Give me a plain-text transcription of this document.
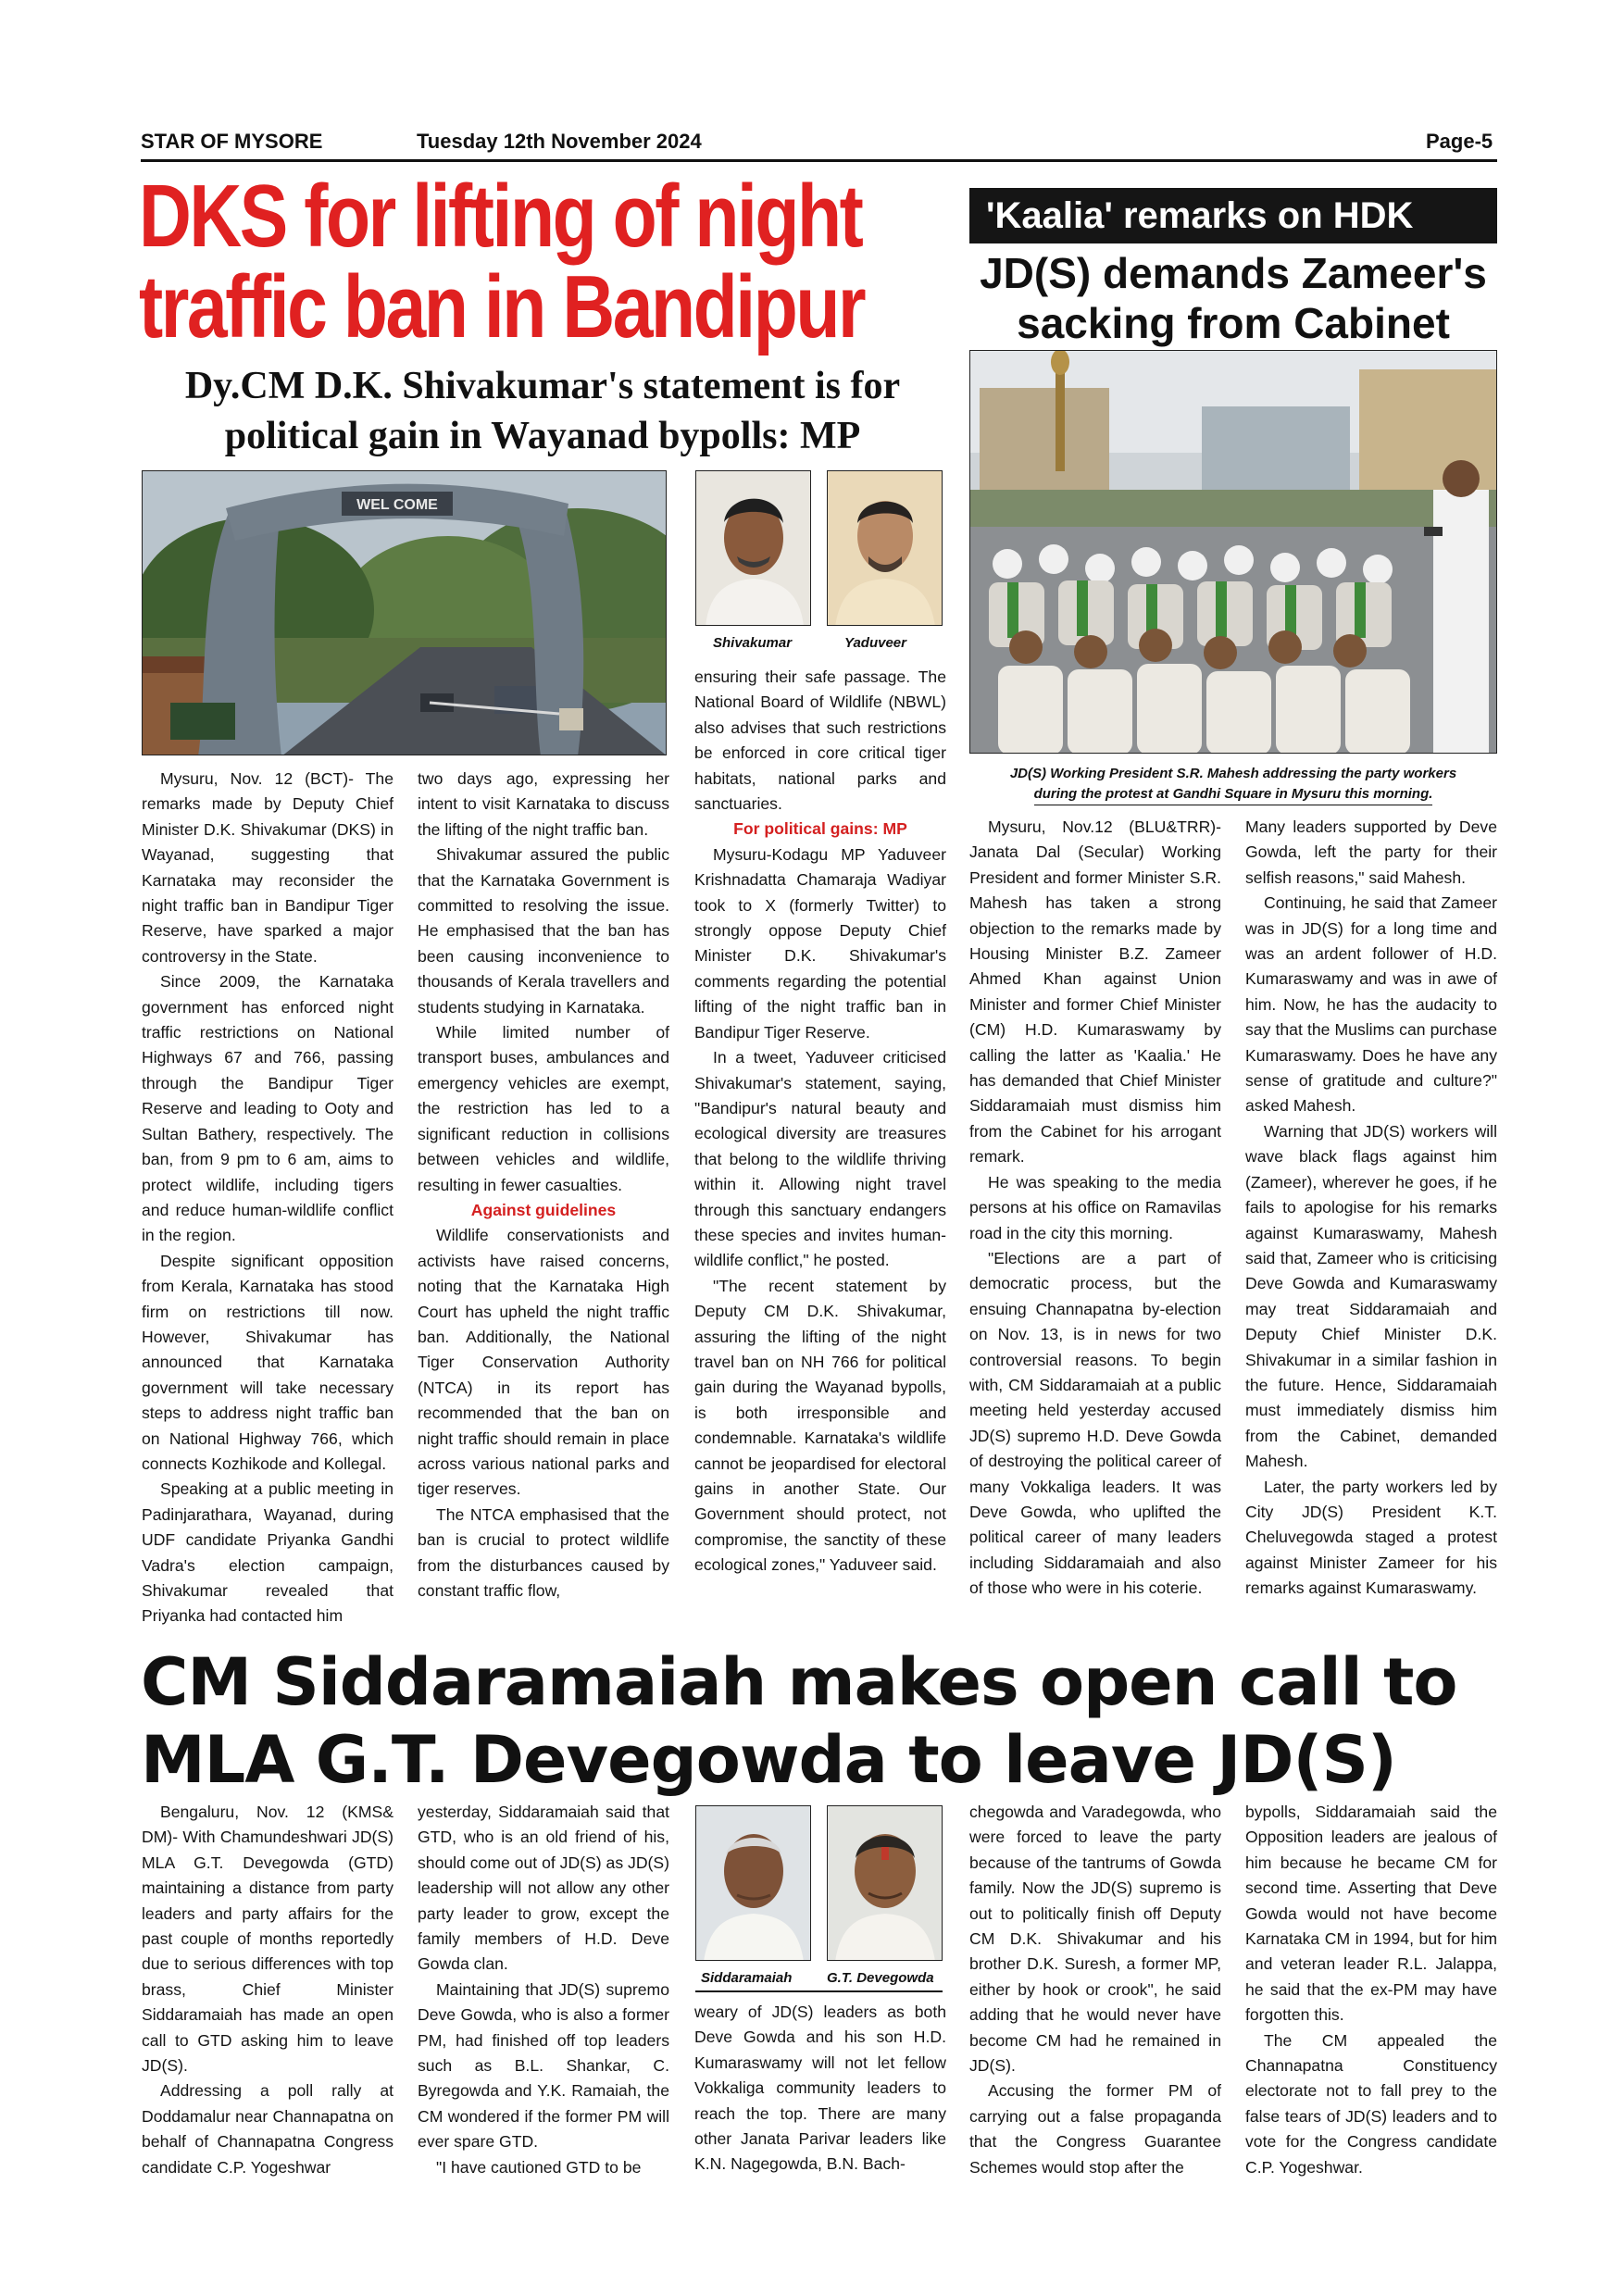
STAR OF MYSORE	Tuesday 12th November 2024	Page-5
DKS for lifting of night
traffic ban in Bandipur
Dy.CM D.K. Shivakumar's statement is for
political gain in Wayanad bypolls: MP
WEL COME
Shivakumar	Yaduveer

Mysuru, Nov. 12 (BCT)- The remarks made by Deputy Chief Minister D.K. Shivakumar (DKS) in Wayanad, suggesting that Karnataka may reconsider the night traffic ban in Bandipur Tiger Reserve, have sparked a major controversy in the State.

Since 2009, the Karnataka government has enforced night traffic restrictions on National Highways 67 and 766, passing through the Bandipur Tiger Reserve and leading to Ooty and Sultan Bathery, respectively. The ban, from 9 pm to 6 am, aims to protect wildlife, including tigers and reduce human-wildlife conflict in the region.

Despite significant opposition from Kerala, Karnataka has stood firm on restrictions till now. However, Shivakumar has announced that Karnataka government will take necessary steps to address night traffic ban on National Highway 766, which connects Kozhikode and Kollegal.

Speaking at a public meeting in Padinjarathara, Wayanad, during UDF candidate Priyanka Gandhi Vadra's election campaign, Shivakumar revealed that Priyanka had contacted him

two days ago, expressing her intent to visit Karnataka to discuss the lifting of the night traffic ban.

Shivakumar assured the public that the Karnataka Government is committed to resolving the issue. He emphasised that the ban has been causing inconvenience to thousands of Kerala travellers and students studying in Karnataka.

While limited number of transport buses, ambulances and emergency vehicles are exempt, the restriction has led to a significant reduction in collisions between vehicles and wildlife, resulting in fewer casualties.

Against guidelines

Wildlife conservationists and activists have raised concerns, noting that the Karnataka High Court has upheld the night traffic ban. Additionally, the National Tiger Conservation Authority (NTCA) in its report has recommended that the ban on night traffic should remain in place across various national parks and tiger reserves.

The NTCA emphasised that the ban is crucial to protect wildlife from the disturbances caused by constant traffic flow,

ensuring their safe passage. The National Board of Wildlife (NBWL) also advises that such restrictions be enforced in core critical tiger habitats, national parks and sanctuaries.

For political gains: MP

Mysuru-Kodagu MP Yaduveer Krishnadatta Chamaraja Wadiyar took to X (formerly Twitter) to strongly oppose Deputy Chief Minister D.K. Shivakumar's comments regarding the potential lifting of the night traffic ban in Bandipur Tiger Reserve.

In a tweet, Yaduveer criticised Shivakumar's statement, saying, "Bandipur's natural beauty and ecological diversity are treasures that belong to the wildlife thriving within it. Allowing night travel through this sanctuary endangers these species and invites human-wildlife conflict," he posted.

"The recent statement by Deputy CM D.K. Shivakumar, assuring the lifting of the night travel ban on NH 766 for political gain during the Wayanad bypolls, is both irresponsible and condemnable. Karnataka's wildlife cannot be jeopardised for electoral gains in another State. Our Government should protect, not compromise, the sanctity of these ecological zones," Yaduveer said.

'Kaalia' remarks on HDK
JD(S) demands Zameer's
sacking from Cabinet
JD(S) Working President S.R. Mahesh addressing the party workers
during the protest at Gandhi Square in Mysuru this morning.

Mysuru, Nov.12 (BLU&TRR)- Janata Dal (Secular) Working President and former Minister S.R. Mahesh has taken a strong objection to the remarks made by Housing Minister B.Z. Zameer Ahmed Khan against Union Minister and former Chief Minister (CM) H.D. Kumaraswamy by calling the latter as 'Kaalia.' He has demanded that Chief Minister Siddaramaiah must dismiss him from the Cabinet for his arrogant remark.

He was speaking to the media persons at his office on Ramavilas road in the city this morning.

"Elections are a part of democratic process, but the ensuing Channapatna by-election on Nov. 13, is in news for two controversial reasons. To begin with, CM Siddaramaiah at a public meeting held yesterday accused JD(S) supremo H.D. Deve Gowda of destroying the political career of many Vokkaliga leaders. It was Deve Gowda, who uplifted the political career of many leaders including Siddaramaiah and also of those who were in his coterie.

Many leaders supported by Deve Gowda, left the party for their selfish reasons," said Mahesh.

Continuing, he said that Zameer was in JD(S) for a long time and was an ardent follower of H.D. Kumaraswamy and was in awe of him. Now, he has the audacity to say that the Muslims can purchase Kumaraswamy. Does he have any sense of gratitude and culture?" asked Mahesh.

Warning that JD(S) workers will wave black flags against him (Zameer), wherever he goes, if he fails to apologise for his remarks against Kumaraswamy, Mahesh said that, Zameer who is criticising Deve Gowda and Kumaraswamy may treat Siddaramaiah and Deputy Chief Minister D.K. Shivakumar in a similar fashion in the future. Hence, Siddaramaiah must immediately dismiss him from the Cabinet, demanded Mahesh.

Later, the party workers led by City JD(S) President K.T. Cheluvegowda staged a protest against Minister Zameer for his remarks against Kumaraswamy.

CM Siddaramaiah makes open call to
MLA G.T. Devegowda to leave JD(S)

Bengaluru, Nov. 12 (KMS& DM)- With Chamundeshwari JD(S) MLA G.T. Devegowda (GTD) maintaining a distance from party leaders and party affairs for the past couple of months reportedly due to serious differences with top brass, Chief Minister Siddaramaiah has made an open call to GTD asking him to leave JD(S).

Addressing a poll rally at Doddamalur near Channapatna on behalf of Channapatna Congress candidate C.P. Yogeshwar

yesterday, Siddaramaiah said that GTD, who is an old friend of his, should come out of JD(S) as JD(S) leadership will not allow any other party leader to grow, except the family members of H.D. Deve Gowda clan.

Maintaining that JD(S) supremo Deve Gowda, who is also a former PM, had finished off top leaders such as B.L. Shankar, C. Byregowda and Y.K. Ramaiah, the CM wondered if the former PM will ever spare GTD.

"I have cautioned GTD to be

Siddaramaiah	G.T. Devegowda

weary of JD(S) leaders as both Deve Gowda and his son H.D. Kumaraswamy will not let fellow Vokkaliga community leaders to reach the top. There are many other Janata Parivar leaders like K.N. Nagegowda, B.N. Bach-

chegowda and Varadegowda, who were forced to leave the party because of the tantrums of Gowda family. Now the JD(S) supremo is out to politically finish off Deputy CM D.K. Shivakumar and his brother D.K. Suresh, a former MP, either by hook or crook", he said adding that he would never have become CM had he remained in JD(S).

Accusing the former PM of carrying out a false propaganda that the Congress Guarantee Schemes would stop after the

bypolls, Siddaramaiah said the Opposition leaders are jealous of him because he became CM for second time. Asserting that Deve Gowda would not have become Karnataka CM in 1994, but for him and veteran leader R.L. Jalappa, he said that the ex-PM may have forgotten this.

The CM appealed the Channapatna Constituency electorate not to fall prey to the false tears of JD(S) leaders and to vote for the Congress candidate C.P. Yogeshwar.
